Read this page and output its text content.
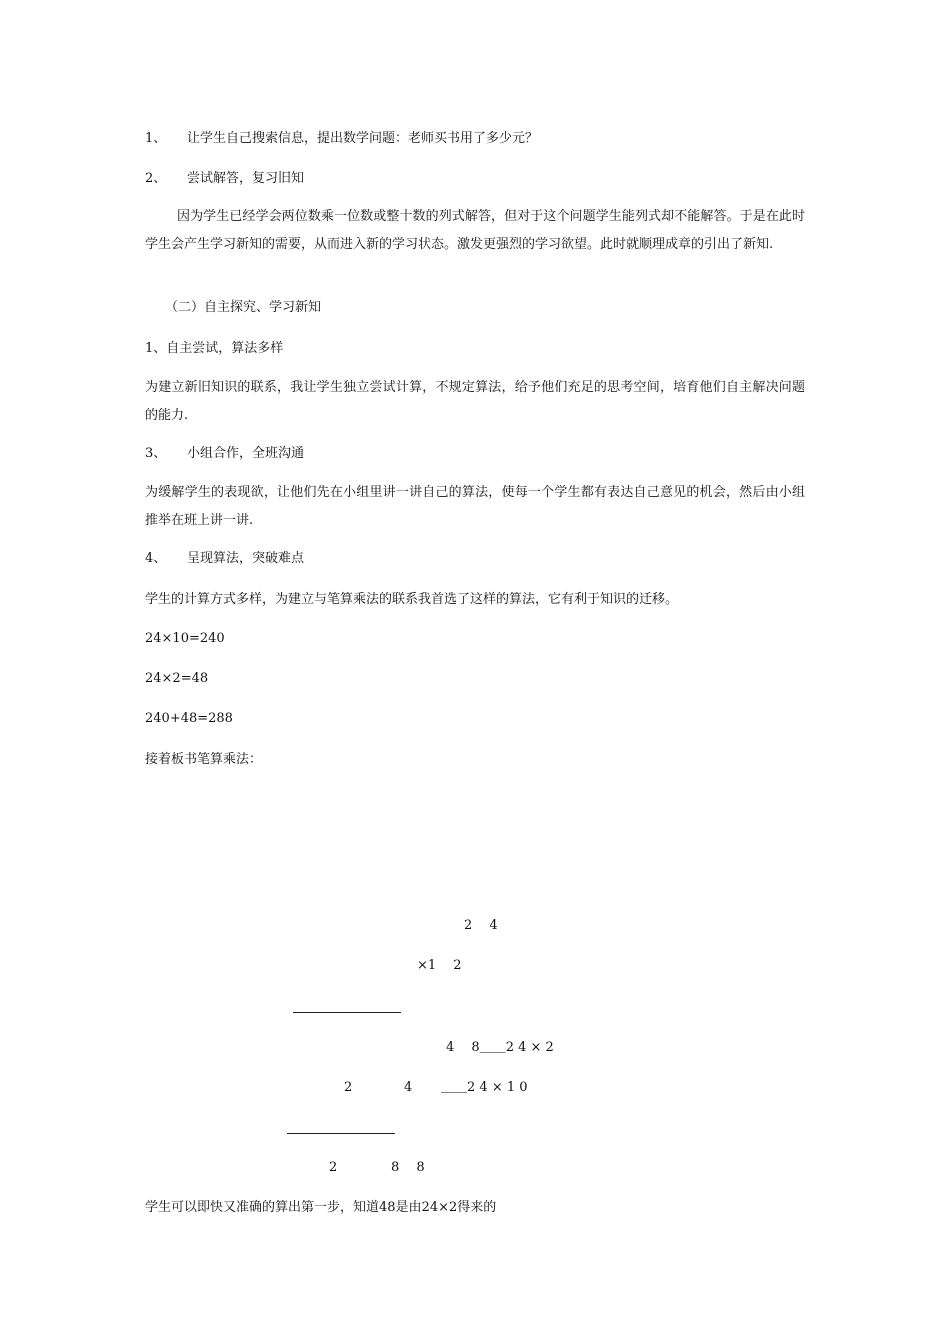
1、 让学生自己搜索信息，提出数学问题：老师买书用了多少元？
2、 尝试解答，复习旧知
因为学生已经学会两位数乘一位数或整十数的列式解答，但对于这个问题学生能列式却不能解答。于是在此时学生会产生学习新知的需要，从而进入新的学习状态。激发更强烈的学习欲望。此时就顺理成章的引出了新知.
（二）自主探究、学习新知
1、自主尝试，算法多样
为建立新旧知识的联系，我让学生独立尝试计算，不规定算法，给予他们充足的思考空间，培育他们自主解决问题的能力.
3、 小组合作，全班沟通
为缓解学生的表现欲，让他们先在小组里讲一讲自己的算法，使每一个学生都有表达自己意见的机会，然后由小组推举在班上讲一讲.
4、 呈现算法，突破难点
学生的计算方式多样，为建立与笔算乘法的联系我首选了这样的算法，它有利于知识的迁移。
24×10=240
24×2=48
240+48=288
接着板书笔算乘法：
2　 4
×1　 2
4　 8＿＿2 4 × 2
2	4 ＿＿2 4 × 1 0
2	8　 8
学生可以即快又准确的算出第一步，知道48是由24×2得来的
